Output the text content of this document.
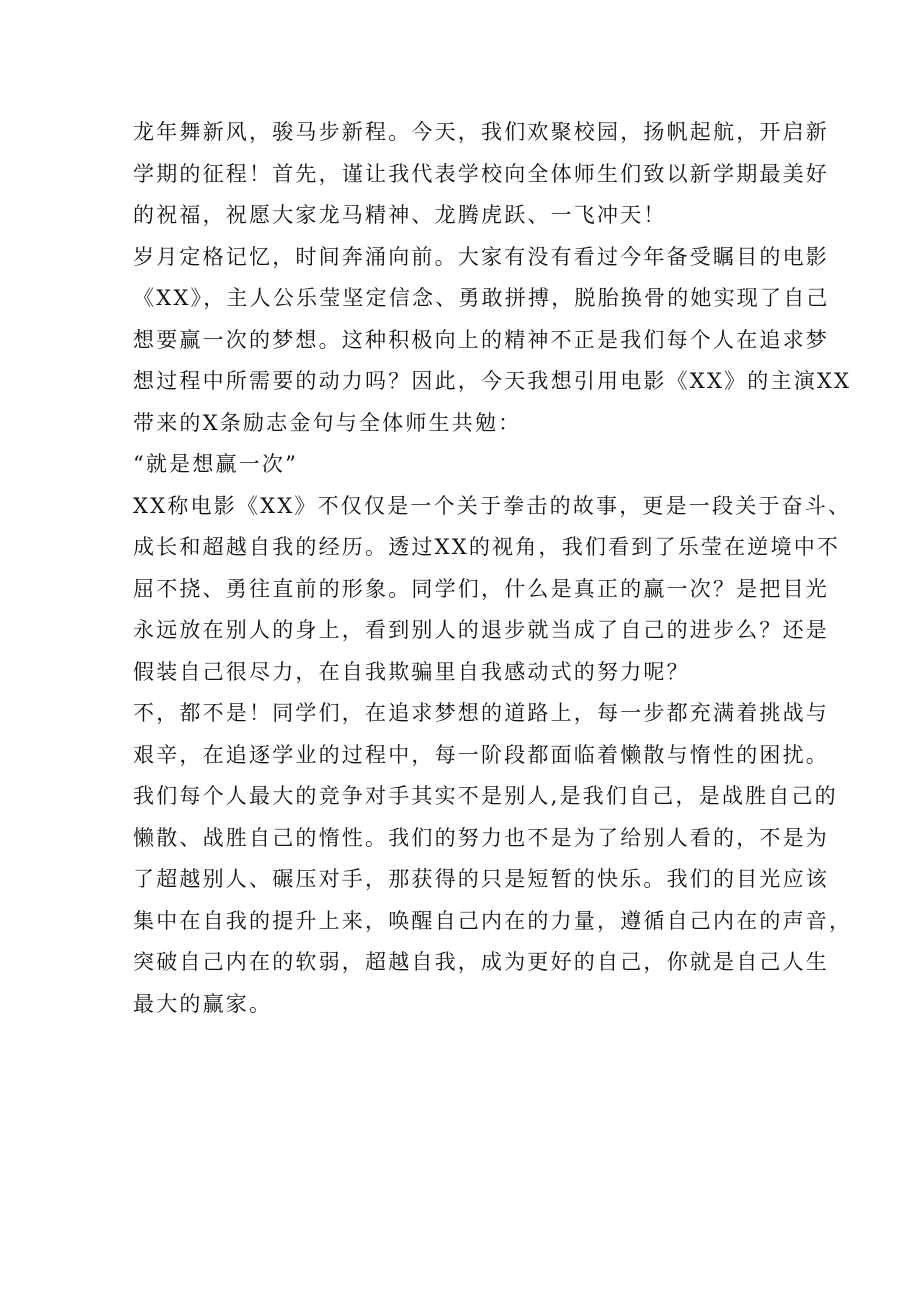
龙年舞新风，骏马步新程。今天，我们欢聚校园，扬帆起航，开启新
学期的征程！首先，谨让我代表学校向全体师生们致以新学期最美好
的祝福，祝愿大家龙马精神、龙腾虎跃、一飞冲天！
岁月定格记忆，时间奔涌向前。大家有没有看过今年备受瞩目的电影
《XX》，主人公乐莹坚定信念、勇敢拼搏，脱胎换骨的她实现了自己
想要赢一次的梦想。这种积极向上的精神不正是我们每个人在追求梦
想过程中所需要的动力吗？因此，今天我想引用电影《XX》的主演XX
带来的X条励志金句与全体师生共勉：
“就是想赢一次”
XX称电影《XX》不仅仅是一个关于拳击的故事，更是一段关于奋斗、
成长和超越自我的经历。透过XX的视角，我们看到了乐莹在逆境中不
屈不挠、勇往直前的形象。同学们，什么是真正的赢一次？是把目光
永远放在别人的身上，看到别人的退步就当成了自己的进步么？还是
假装自己很尽力，在自我欺骗里自我感动式的努力呢？
不，都不是！同学们，在追求梦想的道路上，每一步都充满着挑战与
艰辛，在追逐学业的过程中，每一阶段都面临着懒散与惰性的困扰。
我们每个人最大的竞争对手其实不是别人,是我们自己，是战胜自己的
懒散、战胜自己的惰性。我们的努力也不是为了给别人看的，不是为
了超越别人、碾压对手，那获得的只是短暂的快乐。我们的目光应该
集中在自我的提升上来，唤醒自己内在的力量，遵循自己内在的声音，
突破自己内在的软弱，超越自我，成为更好的自己，你就是自己人生
最大的赢家。
